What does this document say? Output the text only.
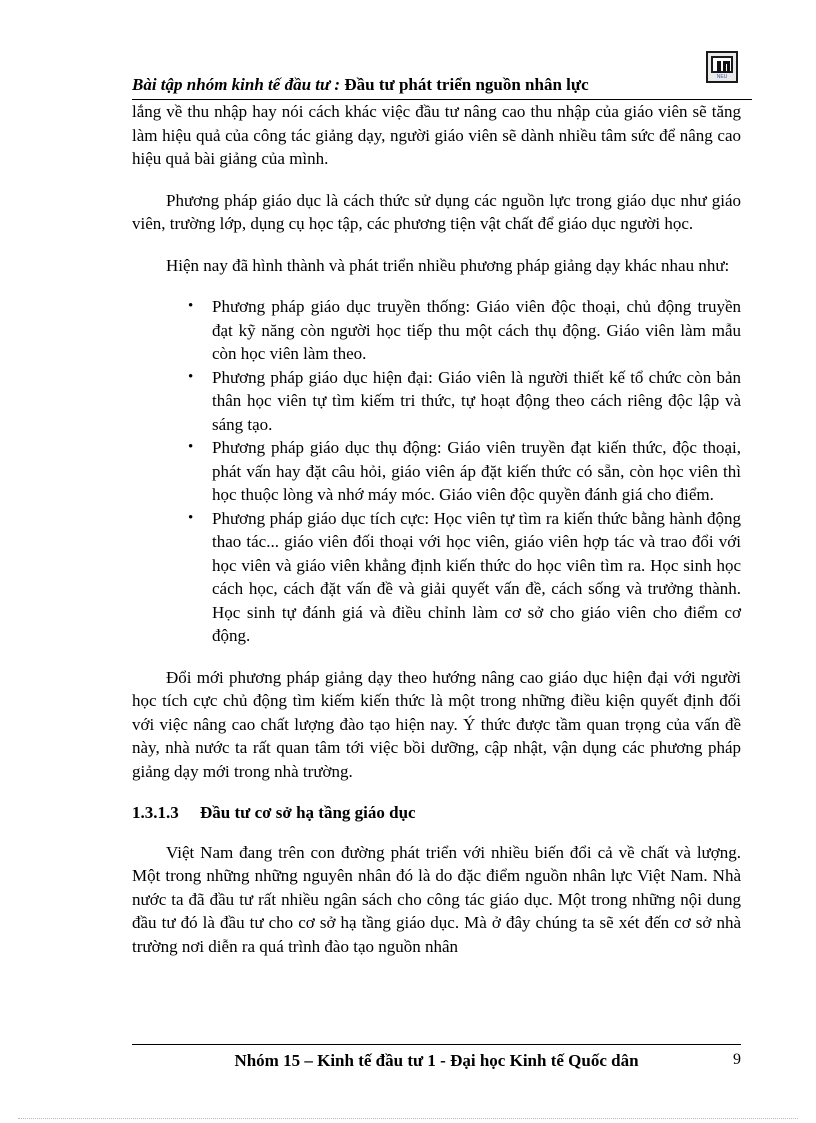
Bài tập nhóm kinh tế đầu tư : Đầu tư phát triển nguồn nhân lực	NEU

lắng về thu nhập hay nói cách khác việc đầu tư nâng cao thu nhập của giáo viên sẽ tăng làm hiệu quả của công tác giảng dạy, người giáo viên sẽ dành nhiều tâm sức để nâng cao hiệu quả bài giảng của mình.

Phương pháp giáo dục là cách thức sử dụng các nguồn lực trong giáo dục như giáo viên, trường lớp, dụng cụ học tập, các phương tiện vật chất để giáo dục người học.

Hiện nay đã hình thành và phát triển nhiều phương pháp giảng dạy khác nhau như:

• Phương pháp giáo dục truyền thống: Giáo viên độc thoại, chủ động truyền đạt kỹ năng còn người học tiếp thu một cách thụ động. Giáo viên làm mẫu còn học viên làm theo.
• Phương pháp giáo dục hiện đại: Giáo viên là người thiết kế tổ chức còn bản thân học viên tự tìm kiếm tri thức, tự hoạt động theo cách riêng độc lập và sáng tạo.
• Phương pháp giáo dục thụ động: Giáo viên truyền đạt kiến thức, độc thoại, phát vấn hay đặt câu hỏi, giáo viên áp đặt kiến thức có sẵn, còn học viên thì học thuộc lòng và nhớ máy móc. Giáo viên độc quyền đánh giá cho điểm.
• Phương pháp giáo dục tích cực: Học viên tự tìm ra kiến thức bằng hành động thao tác... giáo viên đối thoại với học viên, giáo viên hợp tác và trao đổi với học viên và giáo viên khẳng định kiến thức do học viên tìm ra. Học sinh học cách học, cách đặt vấn đề và giải quyết vấn đề, cách sống và trưởng thành. Học sinh tự đánh giá và điều chỉnh làm cơ sở cho giáo viên cho điểm cơ động.

Đổi mới phương pháp giảng dạy theo hướng nâng cao giáo dục hiện đại với người học tích cực chủ động tìm kiếm kiến thức là một trong những điều kiện quyết định đối với việc nâng cao chất lượng đào tạo hiện nay. Ý thức được tầm quan trọng của vấn đề này, nhà nước ta rất quan tâm tới việc bồi dưỡng, cập nhật, vận dụng các phương pháp giảng dạy mới trong nhà trường.

1.3.1.3 Đầu tư cơ sở hạ tầng giáo dục

Việt Nam đang trên con đường phát triển với nhiều biến đổi cả về chất và lượng. Một trong những những nguyên nhân đó là do đặc điểm nguồn nhân lực Việt Nam. Nhà nước ta đã đầu tư rất nhiều ngân sách cho công tác giáo dục. Một trong những nội dung đầu tư đó là đầu tư cho cơ sở hạ tầng giáo dục. Mà ở đây chúng ta sẽ xét đến cơ sở nhà trường nơi diễn ra quá trình đào tạo nguồn nhân

Nhóm 15 – Kinh tế đầu tư 1 - Đại học Kinh tế Quốc dân	9
